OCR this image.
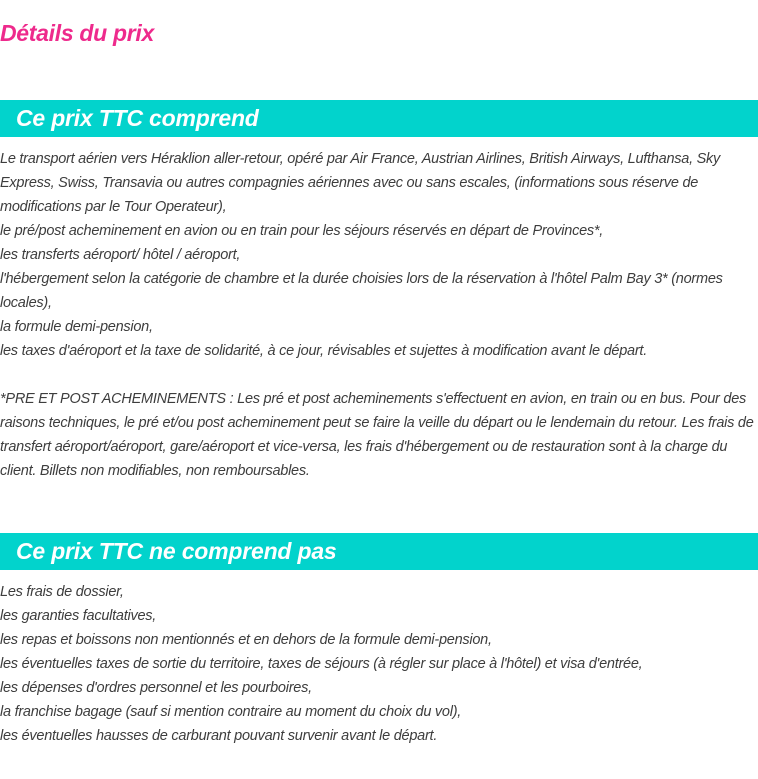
Détails du prix
Ce prix TTC comprend

Le transport aérien vers Héraklion aller-retour, opéré par Air France, Austrian Airlines, British Airways, Lufthansa, Sky Express, Swiss, Transavia ou autres compagnies aériennes avec ou sans escales, (informations sous réserve de modifications par le Tour Operateur),

le pré/post acheminement en avion ou en train pour les séjours réservés en départ de Provinces*,

les transferts aéroport/ hôtel / aéroport,

l'hébergement selon la catégorie de chambre et la durée choisies lors de la réservation à l'hôtel Palm Bay 3* (normes locales),

la formule demi-pension,

les taxes d'aéroport et la taxe de solidarité, à ce jour, révisables et sujettes à modification avant le départ.

*PRE ET POST ACHEMINEMENTS : Les pré et post acheminements s'effectuent en avion, en train ou en bus. Pour des raisons techniques, le pré et/ou post acheminement peut se faire la veille du départ ou le lendemain du retour. Les frais de transfert aéroport/aéroport, gare/aéroport et vice-versa, les frais d'hébergement ou de restauration sont à la charge du client. Billets non modifiables, non remboursables.

Ce prix TTC ne comprend pas

Les frais de dossier,

les garanties facultatives,

les repas et boissons non mentionnés et en dehors de la formule demi-pension,

les éventuelles taxes de sortie du territoire, taxes de séjours (à régler sur place à l'hôtel) et visa d'entrée,

les dépenses d'ordres personnel et les pourboires,

la franchise bagage (sauf si mention contraire au moment du choix du vol),

les éventuelles hausses de carburant pouvant survenir avant le départ.
